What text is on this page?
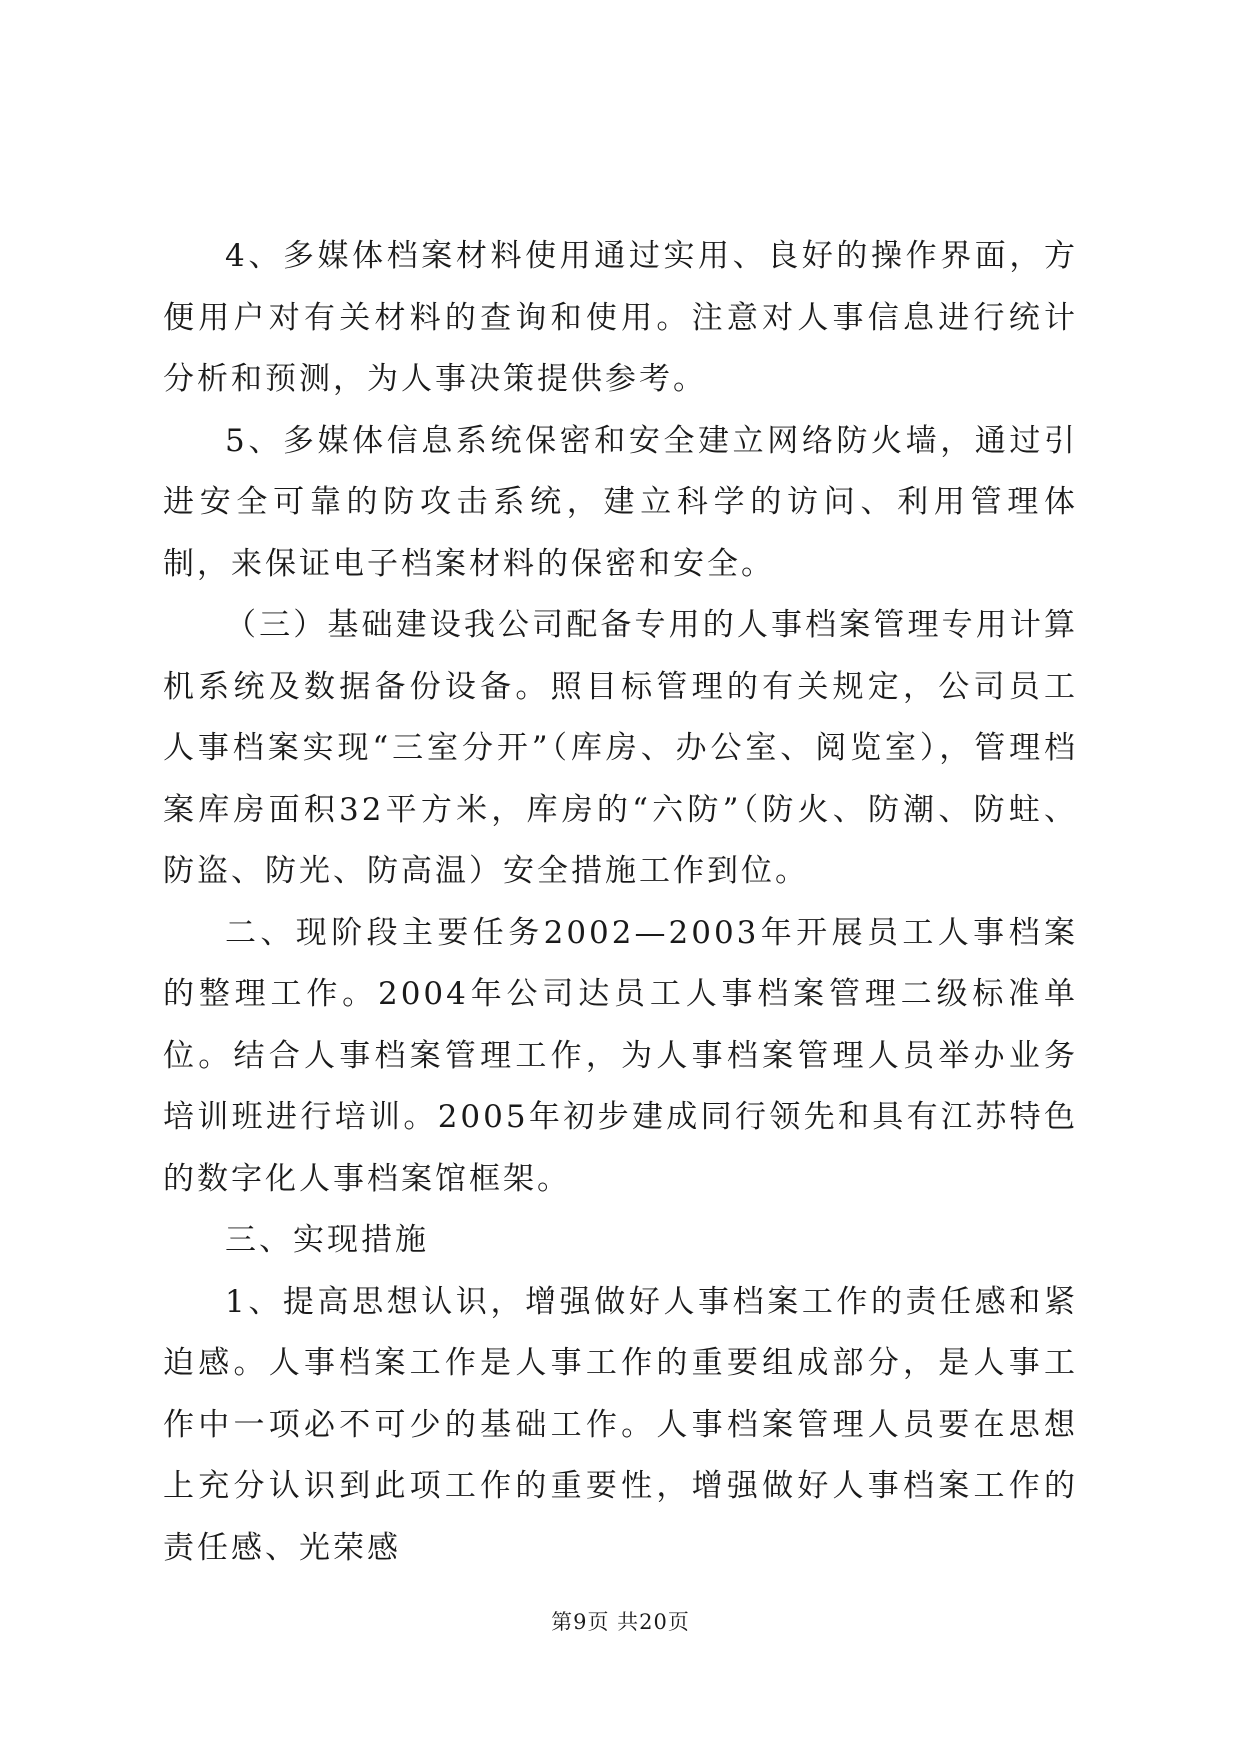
4、多媒体档案材料使用通过实用、良好的操作界面，方便用户对有关材料的查询和使用。注意对人事信息进行统计分析和预测，为人事决策提供参考。

5、多媒体信息系统保密和安全建立网络防火墙，通过引进安全可靠的防攻击系统，建立科学的访问、利用管理体制，来保证电子档案材料的保密和安全。

（三）基础建设我公司配备专用的人事档案管理专用计算机系统及数据备份设备。照目标管理的有关规定，公司员工人事档案实现“三室分开”（库房、办公室、阅览室），管理档案库房面积32平方米，库房的“六防”（防火、防潮、防蛀、防盗、防光、防高温）安全措施工作到位。

二、现阶段主要任务2002—2003年开展员工人事档案的整理工作。2004年公司达员工人事档案管理二级标准单位。结合人事档案管理工作，为人事档案管理人员举办业务培训班进行培训。2005年初步建成同行领先和具有江苏特色的数字化人事档案馆框架。

三、实现措施

1、提高思想认识，增强做好人事档案工作的责任感和紧迫感。人事档案工作是人事工作的重要组成部分，是人事工作中一项必不可少的基础工作。人事档案管理人员要在思想上充分认识到此项工作的重要性，增强做好人事档案工作的责任感、光荣感

第9页 共20页
